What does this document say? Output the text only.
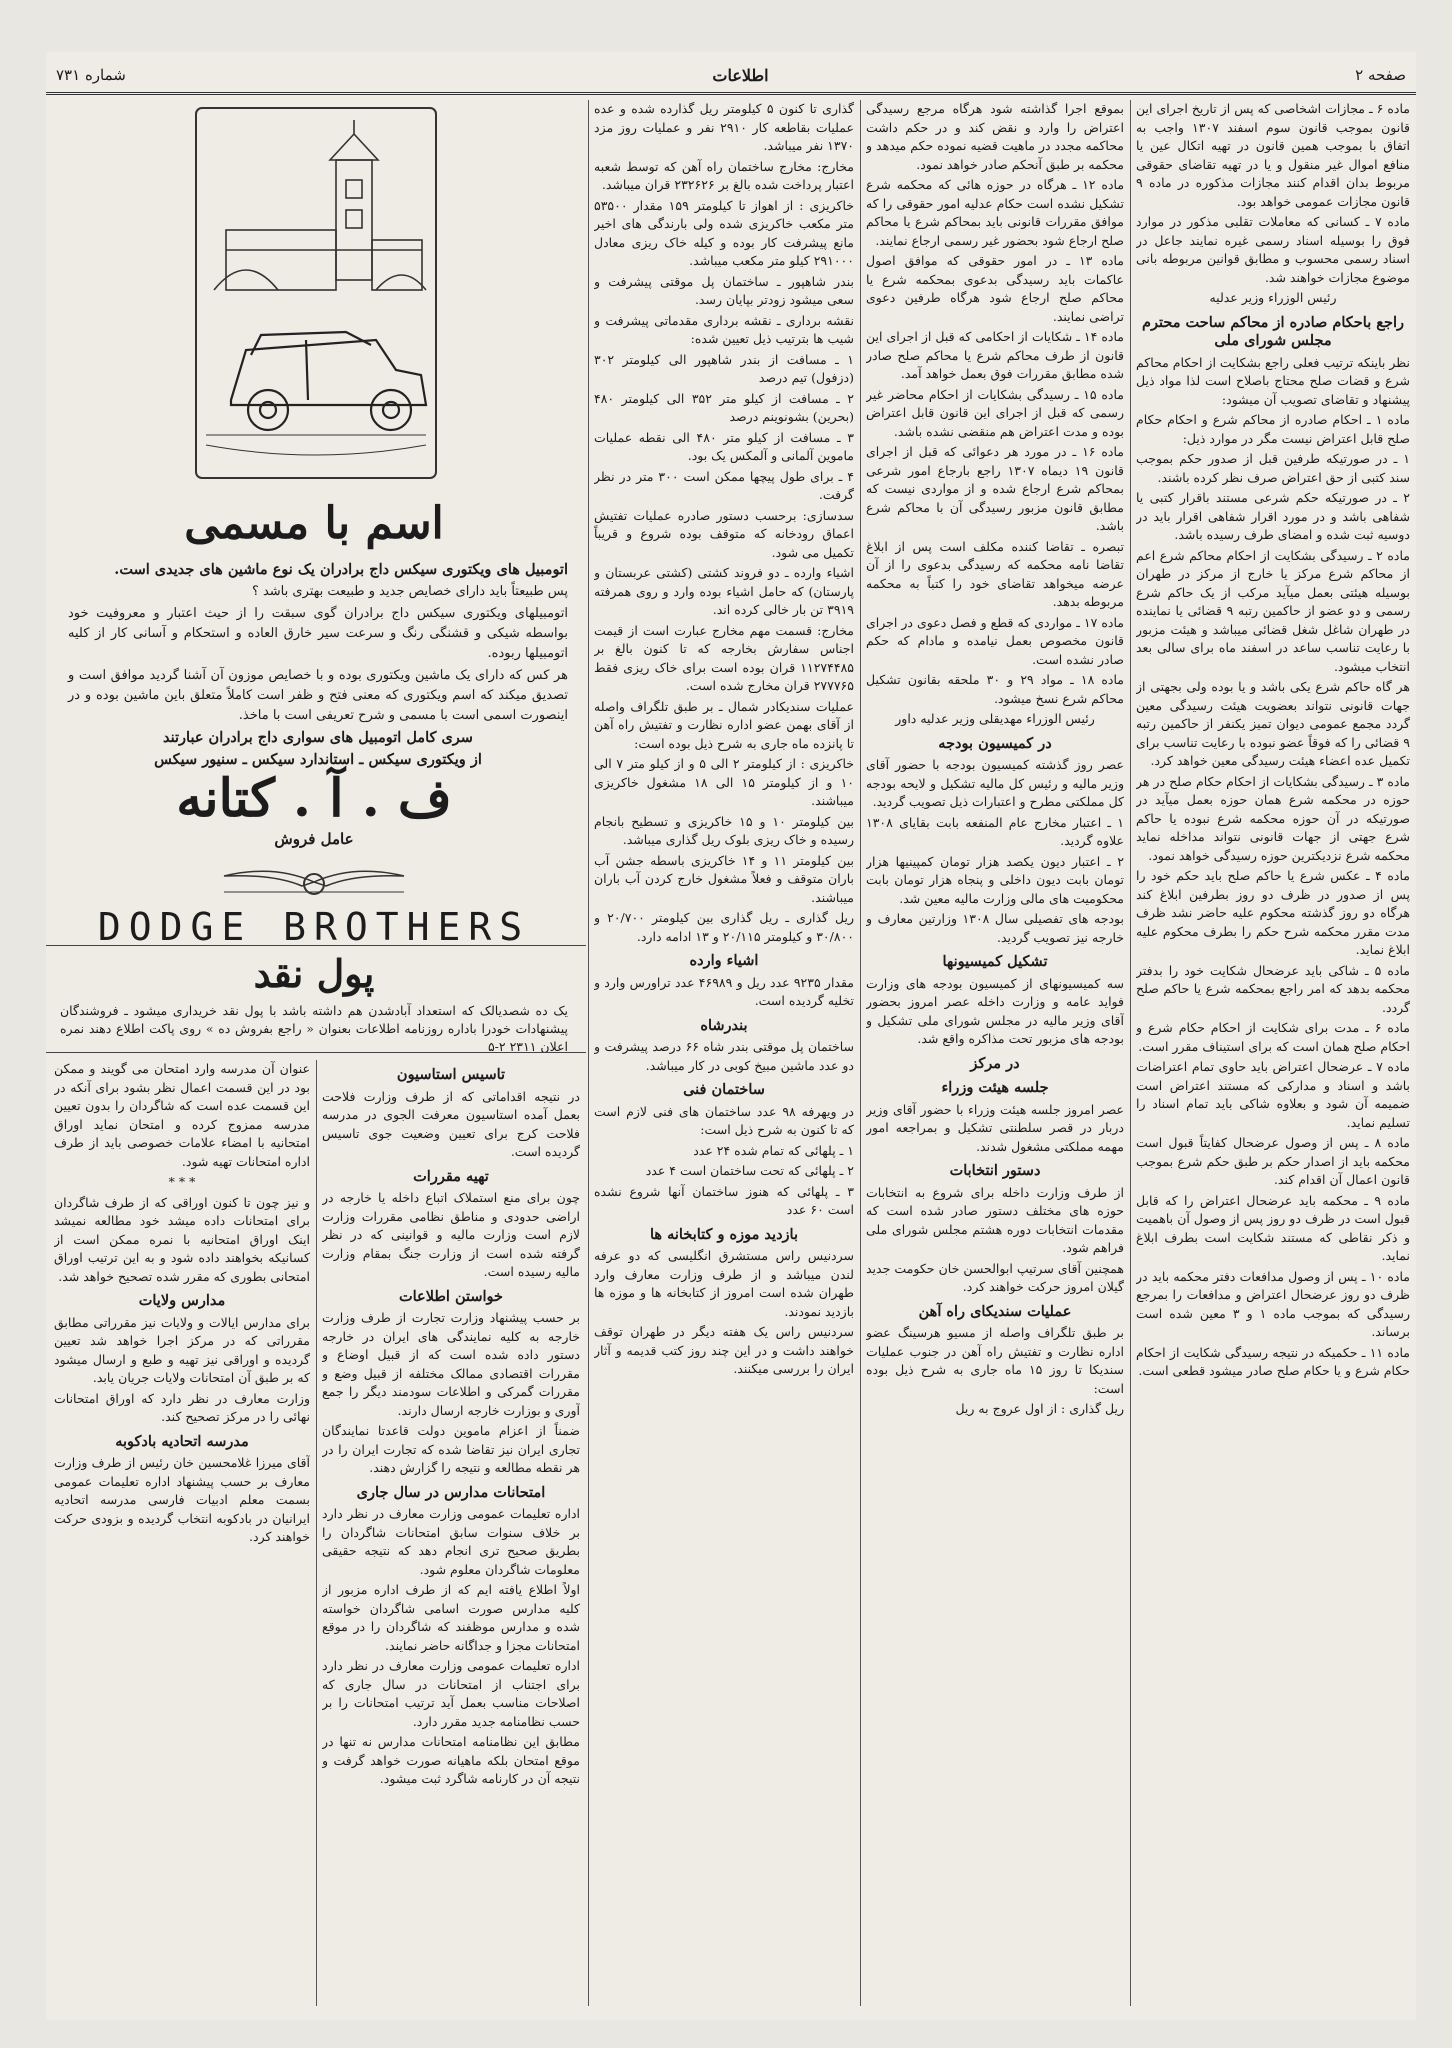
صفحه ۲
اطلاعات
شماره ۷۳۱

ماده ۶ ـ مجازات اشخاصی که پس از تاریخ اجرای این قانون بموجب قانون سوم اسفند ۱۳۰۷ واجب به اتفاق با بموجب همین قانون در تهیه اتکال عین یا منافع اموال غیر منقول و یا در تهیه تقاضای حقوقی مربوط بدان اقدام کنند مجازات مذکوره در ماده ۹ قانون مجازات عمومی خواهد بود.

ماده ۷ ـ کسانی که معاملات تقلبی مذکور در موارد فوق را بوسیله اسناد رسمی غیره نمایند جاعل در اسناد رسمی محسوب و مطابق قوانین مربوطه بانی موضوع مجازات خواهند شد.

رئیس الوزراء وزیر عدلیه

راجع باحکام صادره از محاکم ساحت محترم مجلس شورای ملی

نظر باینکه ترتیب فعلی راجع بشکایت از احکام محاکم شرع و قضات صلح محتاج باصلاح است لذا مواد ذیل پیشنهاد و تقاضای تصویب آن میشود:

ماده ۱ ـ احکام صادره از محاکم شرع و احکام حکام صلح قابل اعتراض نیست مگر در موارد ذیل:

۱ ـ در صورتیکه طرفین قبل از صدور حکم بموجب سند کتبی از حق اعتراض صرف نظر کرده باشند.

۲ ـ در صورتیکه حکم شرعی مستند باقرار کتبی یا شفاهی باشد و در مورد اقرار شفاهی اقرار باید در دوسیه ثبت شده و امضای طرف رسیده باشد.

ماده ۲ ـ رسیدگی بشکایت از احکام محاکم شرع اعم از محاکم شرع مرکز یا خارج از مرکز در طهران بوسیله هیئتی بعمل میآید مرکب از یک حاکم شرع رسمی و دو عضو از حاکمین رتبه ۹ قضائی یا نماینده در طهران شاغل شغل قضائی میباشد و هیئت مزبور با رعایت تناسب ساعد در اسفند ماه برای سالی بعد انتخاب میشود.

هر گاه حاکم شرع یکی باشد و یا بوده ولی بجهتی از جهات قانونی نتواند بعضویت هیئت رسیدگی معین گردد مجمع عمومی دیوان تمیز یکنفر از حاکمین رتبه ۹ قضائی را که فوقاً عضو نبوده با رعایت تناسب برای تکمیل عده اعضاء هیئت رسیدگی معین خواهد کرد.

ماده ۳ ـ رسیدگی بشکایات از احکام حکام صلح در هر حوزه در محکمه شرع همان حوزه بعمل میآید در صورتیکه در آن حوزه محکمه شرع نبوده یا حاکم شرع جهتی از جهات قانونی نتواند مداخله نماید محکمه شرع نزدیکترین حوزه رسیدگی خواهد نمود.

ماده ۴ ـ عکس شرع یا حاکم صلح باید حکم خود را پس از صدور در ظرف دو روز بطرفین ابلاغ کند هرگاه دو روز گذشته محکوم علیه حاضر نشد ظرف مدت مقرر محکمه شرح حکم را بطرف محکوم علیه ابلاغ نماید.

ماده ۵ ـ شاکی باید عرضحال شکایت خود را بدفتر محکمه بدهد که امر راجع بمحکمه شرع یا حاکم صلح گردد.

ماده ۶ ـ مدت برای شکایت از احکام حکام شرع و احکام صلح همان است که برای استیناف مقرر است.

ماده ۷ ـ عرضحال اعتراض باید حاوی تمام اعتراضات باشد و اسناد و مدارکی که مستند اعتراض است ضمیمه آن شود و بعلاوه شاکی باید تمام اسناد را تسلیم نماید.

ماده ۸ ـ پس از وصول عرضحال کفایتاً قبول است محکمه باید از اصدار حکم بر طبق حکم شرع بموجب قانون اعمال آن اقدام کند.

ماده ۹ ـ محکمه باید عرضحال اعتراض را که قابل قبول است در ظرف دو روز پس از وصول آن باهمیت و ذکر نقاطی که مستند شکایت است بطرف ابلاغ نماید.

ماده ۱۰ ـ پس از وصول مدافعات دفتر محکمه باید در ظرف دو روز عرضحال اعتراض و مدافعات را بمرجع رسیدگی که بموجب ماده ۱ و ۳ معین شده است برساند.

ماده ۱۱ ـ حکمیکه در نتیجه رسیدگی شکایت از احکام حکام شرع و یا حکام صلح صادر میشود قطعی است.

بموقع اجرا گذاشته شود هرگاه مرجع رسیدگی اعتراض را وارد و نقض کند و در حکم داشت محاکمه مجدد در ماهیت قضیه نموده حکم میدهد و محکمه بر طبق آنحکم صادر خواهد نمود.

ماده ۱۲ ـ هرگاه در حوزه هائی که محکمه شرع تشکیل نشده است حکام عدلیه امور حقوقی را که موافق مقررات قانونی باید بمحاکم شرع یا محاکم صلح ارجاع شود بحضور غیر رسمی ارجاع نمایند.

ماده ۱۳ ـ در امور حقوقی که موافق اصول عاکمات باید رسیدگی بدعوی بمحکمه شرع یا محاکم صلح ارجاع شود هرگاه طرفین دعوی تراضی نمایند.

ماده ۱۴ ـ شکایات از احکامی که قبل از اجرای این قانون از طرف محاکم شرع یا محاکم صلح صادر شده مطابق مقررات فوق بعمل خواهد آمد.

ماده ۱۵ ـ رسیدگی بشکایات از احکام محاضر غیر رسمی که قبل از اجرای این قانون قابل اعتراض بوده و مدت اعتراض هم منقضی نشده باشد.

ماده ۱۶ ـ در مورد هر دعوائی که قبل از اجرای قانون ۱۹ دیماه ۱۳۰۷ راجع بارجاع امور شرعی بمحاکم شرع ارجاع شده و از مواردی نیست که مطابق قانون مزبور رسیدگی آن با محاکم شرع باشد.

تبصره ـ تقاضا کننده مکلف است پس از ابلاغ تقاضا نامه محکمه که رسیدگی بدعوی را از آن عرضه میخواهد تقاضای خود را کتباً به محکمه مربوطه بدهد.

ماده ۱۷ ـ مواردی که قطع و فصل دعوی در اجرای قانون مخصوص بعمل نیامده و مادام که حکم صادر نشده است.

ماده ۱۸ ـ مواد ۲۹ و ۳۰ ملحقه بقانون تشکیل محاکم شرع نسخ میشود.

رئیس الوزراء مهدیقلی وزیر عدلیه داور

در کمیسیون بودجه

عصر روز گذشته کمیسیون بودجه با حضور آقای وزیر مالیه و رئیس کل مالیه تشکیل و لایحه بودجه کل مملکتی مطرح و اعتبارات ذیل تصویب گردید.

۱ ـ اعتبار مخارج عام المنفعه بابت بقایای ۱۳۰۸ علاوه گردید.

۲ ـ اعتبار دیون یکصد هزار تومان کمپینیها هزار تومان بابت دیون داخلی و پنجاه هزار تومان بابت محکومیت های مالی وزارت مالیه معین شد.

بودجه های تفصیلی سال ۱۳۰۸ وزارتین معارف و خارجه نیز تصویب گردید.

تشکیل کمیسیونها

سه کمیسیونهای از کمیسیون بودجه های وزارت فواید عامه و وزارت داخله عصر امروز بحضور آقای وزیر مالیه در مجلس شورای ملی تشکیل و بودجه های مزبور تحت مذاکره واقع شد.

در مرکز
جلسه هیئت وزراء

عصر امروز جلسه هیئت وزراء با حضور آقای وزیر دربار در قصر سلطنتی تشکیل و بمراجعه امور مهمه مملکتی مشغول شدند.

دستور انتخابات

از طرف وزارت داخله برای شروع به انتخابات حوزه های مختلف دستور صادر شده است که مقدمات انتخابات دوره هشتم مجلس شورای ملی فراهم شود.

همچنین آقای سرتیپ ابوالحسن خان حکومت جدید گیلان امروز حرکت خواهند کرد.

عملیات سندیکای راه آهن

بر طبق تلگراف واصله از مسیو هرسینگ عضو اداره نظارت و تفتیش راه آهن در جنوب عملیات سندیکا تا روز ۱۵ ماه جاری به شرح ذیل بوده است:

ریل گذاری : از اول عروج به ریل

گذاری تا کنون ۵ کیلومتر ریل گذارده شده و عده عملیات بقاطعه کار ۲۹۱۰ نفر و عملیات روز مزد ۱۳۷۰ نفر میباشد.

مخارج: مخارج ساختمان راه آهن که توسط شعبه اعتبار پرداخت شده بالغ بر ۲۳۲۶۲۶ قران میباشد.

خاکریزی : از اهواز تا کیلومتر ۱۵۹ مقدار ۵۳۵۰۰ متر مکعب خاکریزی شده ولی بارندگی های اخیر مانع پیشرفت کار بوده و کیله خاک ریزی معادل ۲۹۱۰۰۰ کیلو متر مکعب میباشد.

بندر شاهپور ـ ساختمان پل موقتی پیشرفت و سعی میشود زودتر بپایان رسد.

نقشه برداری ـ نقشه برداری مقدماتی پیشرفت و شیب ها بترتیب ذیل تعیین شده:

۱ ـ مسافت از بندر شاهپور الی کیلومتر ۳۰۲ (دزفول) تیم درصد

۲ ـ مسافت از کیلو متر ۳۵۲ الی کیلومتر ۴۸۰ (بحرین) بشونوینم درصد

۳ ـ مسافت از کیلو متر ۴۸۰ الی نقطه عملیات ماموین آلمانی و آلمکس یک بود.

۴ ـ برای طول پیچها ممکن است ۳۰۰ متر در نظر گرفت.

سدسازی: برحسب دستور صادره عملیات تفتیش اعماق رودخانه که متوقف بوده شروع و قریباً تکمیل می شود.

اشیاء وارده ـ دو فروند کشتی (کشتی عربستان و پارستان) که حامل اشیاء بوده وارد و روی همرفته ۳۹۱۹ تن بار خالی کرده اند.

مخارج: قسمت مهم مخارج عبارت است از قیمت اجناس سفارش بخارجه که تا کنون بالغ بر ۱۱۲۷۴۴۸۵ قران بوده است برای خاک ریزی فقط ۲۷۷۷۶۵ قران مخارج شده است.

عملیات سندیکادر شمال ـ بر طبق تلگراف واصله از آقای بهمن عضو اداره نظارت و تفتیش راه آهن تا پانزده ماه جاری به شرح ذیل بوده است:

خاکریزی : از کیلومتر ۲ الی ۵ و از کیلو متر ۷ الی ۱۰ و از کیلومتر ۱۵ الی ۱۸ مشغول خاکریزی میباشند.

بین کیلومتر ۱۰ و ۱۵ خاکریزی و تسطیح بانجام رسیده و خاک ریزی بلوک ریل گذاری میباشد.

بین کیلومتر ۱۱ و ۱۴ خاکریزی باسطه جشن آب باران متوقف و فعلاً مشغول خارج کردن آب باران میباشند.

ریل گذاری ـ ریل گذاری بین کیلومتر ۲۰/۷۰۰ و ۳۰/۸۰۰ و کیلومتر ۲۰/۱۱۵ و ۱۳ ادامه دارد.

اشیاء وارده

مقدار ۹۲۳۵ عدد ریل و ۴۶۹۸۹ عدد تراورس وارد و تخلیه گردیده است.

بندرشاه

ساختمان پل موقتی بندر شاه ۶۶ درصد پیشرفت و دو عدد ماشین مبیخ کوبی در کار میباشد.

ساختمان فنی

در ویهرفه ۹۸ عدد ساختمان های فنی لازم است که تا کنون به شرح ذیل است:

۱ ـ پلهائی که تمام شده ۲۴ عدد

۲ ـ پلهائی که تحت ساختمان است ۴ عدد

۳ ـ پلهائی که هنوز ساختمان آنها شروع نشده است ۶۰ عدد

بازدید موزه و کتابخانه ها

سردنیس راس مستشرق انگلیسی که دو عرفه لندن میباشد و از طرف وزارت معارف وارد طهران شده است امروز از کتابخانه ها و موزه ها بازدید نمودند.

سردنیس راس یک هفته دیگر در طهران توقف خواهند داشت و در این چند روز کتب قدیمه و آثار ایران را بررسی میکنند.

اسم با مسمی

اتومبیل های ویکتوری سیکس داج برادران یک نوع ماشین های جدیدی است.

پس طبیعتاً باید دارای خصایص جدید و طبیعت بهتری باشد ؟

اتومبیلهای ویکتوری سیکس داج برادران گوی سبقت را از حیث اعتبار و معروفیت خود بواسطه شیکی و قشنگی رنگ و سرعت سیر خارق العاده و استحکام و آسانی کار از کلیه اتومبیلها ربوده.

هر کس که دارای یک ماشین ویکتوری بوده و با خصایص موزون آن آشنا گردید موافق است و تصدیق میکند که اسم ویکتوری که معنی فتح و ظفر است کاملاً متعلق باین ماشین بوده و در اینصورت اسمی است با مسمی و شرح تعریفی است با ماخذ.

سری کامل اتومبیل های سواری داج برادران عبارتند

از ویکتوری سیکس ـ استاندارد سیکس ـ سنیور سیکس

ف . آ . کتانه
عامل فروش
DODGE BROTHERS
پول نقد
یک ده شصدیالک که استعداد آبادشدن هم داشته باشد با پول نقد خریداری میشود ـ فروشندگان پیشنهادات خودرا باداره روزنامه اطلاعات بعنوان « راجع بفروش ده » روی پاکت اطلاع دهند نمره اعلان ۲۳۱۱ ۲-۵
تاسیس استاسیون

در نتیجه اقداماتی که از طرف وزارت فلاحت بعمل آمده استاسیون معرفت الجوی در مدرسه فلاحت کرج برای تعیین وضعیت جوی تاسیس گردیده است.

تهیه مقررات

چون برای منع استملاک اتباع داخله یا خارجه در اراضی حدودی و مناطق نظامی مقررات وزارت لازم است وزارت مالیه و قوانینی که در نظر گرفته شده است از وزارت جنگ بمقام وزارت مالیه رسیده است.

خواستن اطلاعات

بر حسب پیشنهاد وزارت تجارت از طرف وزارت خارجه به کلیه نمایندگی های ایران در خارجه دستور داده شده است که از قبیل اوضاع و مقررات اقتصادی ممالک مختلفه از قبیل وضع و مقررات گمرکی و اطلاعات سودمند دیگر را جمع آوری و بوزارت خارجه ارسال دارند.

ضمناً از اعزام ماموین دولت قاعدتا نمایندگان تجاری ایران نیز تقاضا شده که تجارت ایران را در هر نقطه مطالعه و نتیجه را گزارش دهند.

امتحانات مدارس در سال جاری

اداره تعلیمات عمومی وزارت معارف در نظر دارد بر خلاف سنوات سابق امتحانات شاگردان را بطریق صحیح تری انجام دهد که نتیجه حقیقی معلومات شاگردان معلوم شود.

اولاً اطلاع یافته ایم که از طرف اداره مزبور از کلیه مدارس صورت اسامی شاگردان خواسته شده و مدارس موظفند که شاگردان را در موقع امتحانات مجزا و جداگانه حاضر نمایند.

اداره تعلیمات عمومی وزارت معارف در نظر دارد برای اجتناب از امتحانات در سال جاری که اصلاحات مناسب بعمل آید ترتیب امتحانات را بر حسب نظامنامه جدید مقرر دارد.

مطابق این نظامنامه امتحانات مدارس نه تنها در موقع امتحان بلکه ماهیانه صورت خواهد گرفت و نتیجه آن در کارنامه شاگرد ثبت میشود.

عنوان آن مدرسه وارد امتحان می گویند و ممکن بود در این قسمت اعمال نظر بشود برای آنکه در این قسمت عده است که شاگردان را بدون تعیین مدرسه ممزوج کرده و امتحان نماید اوراق امتحانیه با امضاء علامات خصوصی باید از طرف اداره امتحانات تهیه شود.

* * *

و نیز چون تا کنون اوراقی که از طرف شاگردان برای امتحانات داده میشد خود مطالعه نمیشد اینک اوراق امتحانیه با نمره ممکن است از کسانیکه بخواهند داده شود و به این ترتیب اوراق امتحانی بطوری که مقرر شده تصحیح خواهد شد.

مدارس ولایات

برای مدارس ایالات و ولایات نیز مقرراتی مطابق مقرراتی که در مرکز اجرا خواهد شد تعیین گردیده و اوراقی نیز تهیه و طبع و ارسال میشود که بر طبق آن امتحانات ولایات جریان یابد.

وزارت معارف در نظر دارد که اوراق امتحانات نهائی را در مرکز تصحیح کند.

مدرسه اتحادیه بادکوبه

آقای میرزا غلامحسین خان رئیس از طرف وزارت معارف بر حسب پیشنهاد اداره تعلیمات عمومی بسمت معلم ادبیات فارسی مدرسه اتحادیه ایرانیان در بادکوبه انتخاب گردیده و بزودی حرکت خواهند کرد.
